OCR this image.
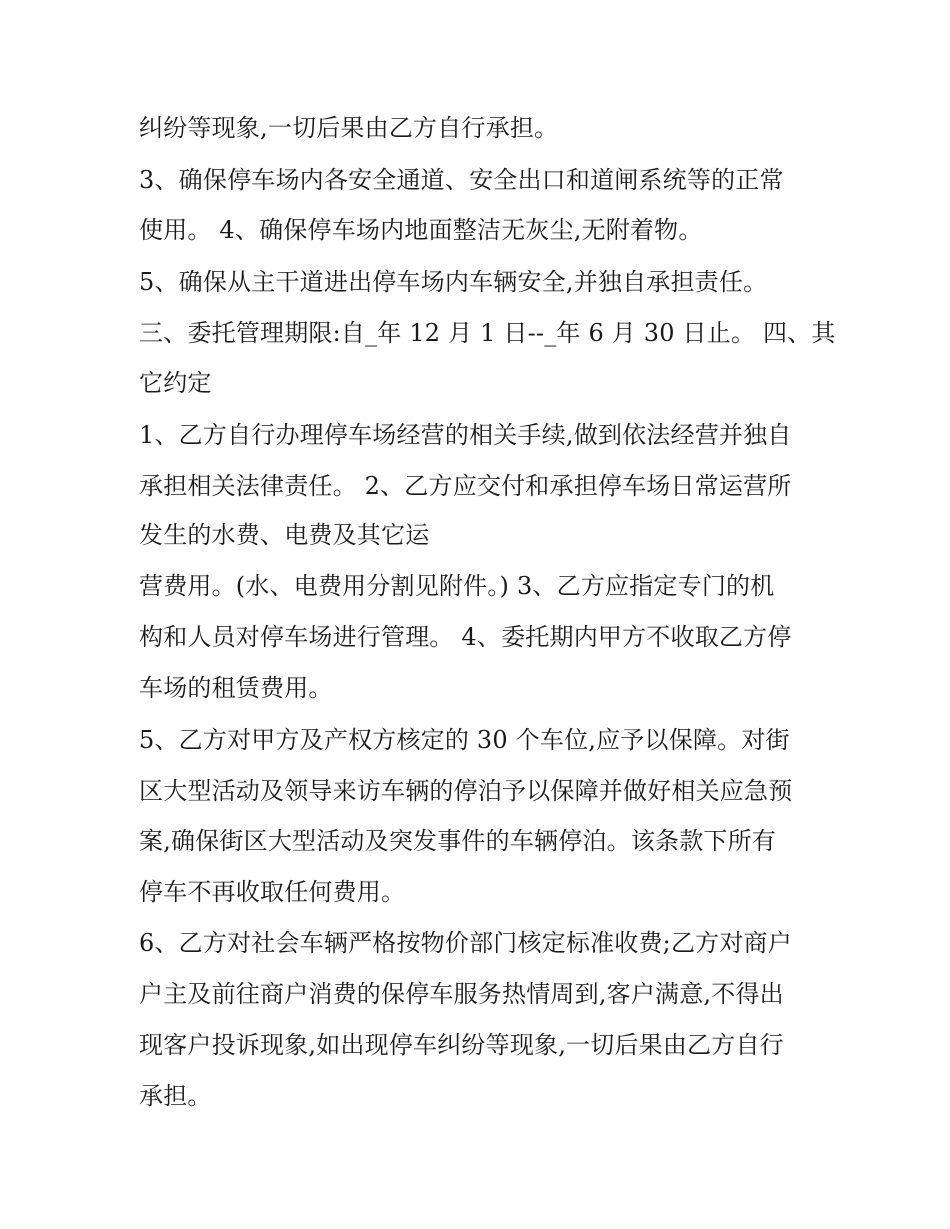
纠纷等现象,一切后果由乙方自行承担。
3、确保停车场内各安全通道、安全出口和道闸系统等的正常
使用。 4、确保停车场内地面整洁无灰尘,无附着物。
5、确保从主干道进出停车场内车辆安全,并独自承担责任。
三、委托管理期限:自_年 12 月 1 日--_年 6 月 30 日止。 四、其
它约定
1、乙方自行办理停车场经营的相关手续,做到依法经营并独自
承担相关法律责任。 2、乙方应交付和承担停车场日常运营所
发生的水费、电费及其它运
营费用。(水、电费用分割见附件。) 3、乙方应指定专门的机
构和人员对停车场进行管理。 4、委托期内甲方不收取乙方停
车场的租赁费用。
5、乙方对甲方及产权方核定的 30 个车位,应予以保障。对街
区大型活动及领导来访车辆的停泊予以保障并做好相关应急预
案,确保街区大型活动及突发事件的车辆停泊。该条款下所有
停车不再收取任何费用。
6、乙方对社会车辆严格按物价部门核定标准收费;乙方对商户
户主及前往商户消费的保停车服务热情周到,客户满意,不得出
现客户投诉现象,如出现停车纠纷等现象,一切后果由乙方自行
承担。
